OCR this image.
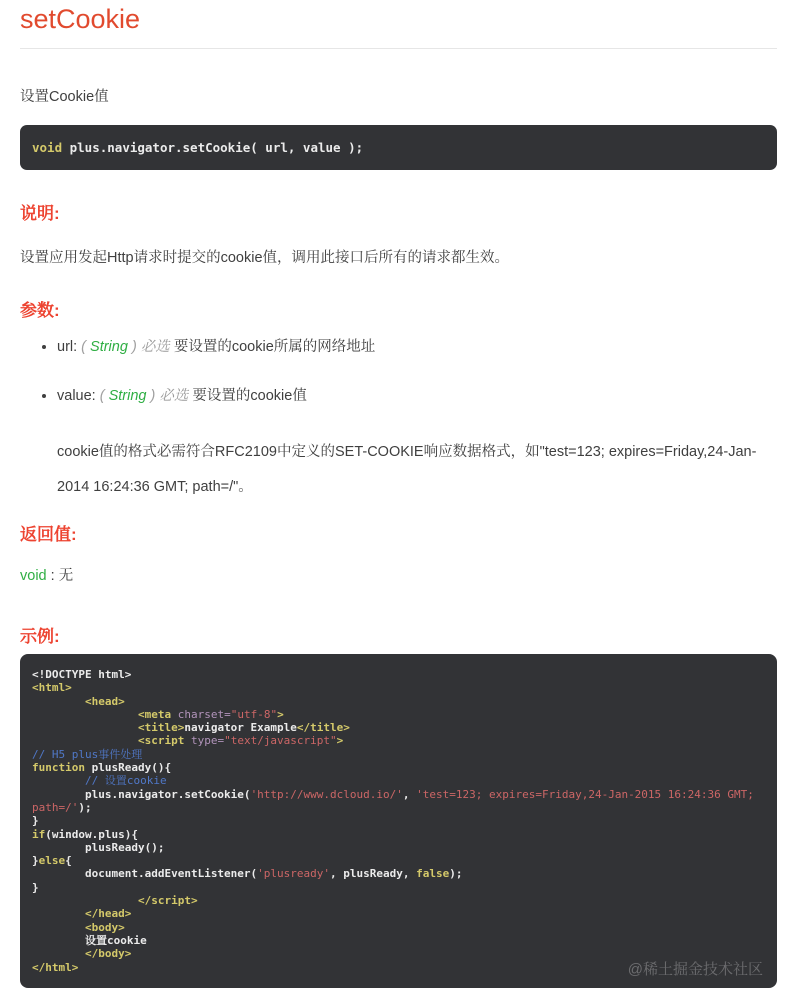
setCookie

设置Cookie值

void plus.navigator.setCookie( url, value );
说明:

设置应用发起Http请求时提交的cookie值，调用此接口后所有的请求都生效。

参数:
• url: ( String ) 必选 要设置的cookie所属的网络地址
• value: ( String ) 必选 要设置的cookie值
cookie值的格式必需符合RFC2109中定义的SET-COOKIE响应数据格式，如"test=123; expires=Friday,24-Jan-2014 16:24:36 GMT; path=/"。
返回值:

void : 无

示例:
<!DOCTYPE html>
<html>
<head>
<meta charset="utf-8">
<title>navigator Example</title>
<script type="text/javascript">
// H5 plus事件处理
function plusReady(){
// 设置cookie
plus.navigator.setCookie('http://www.dcloud.io/', 'test=123; expires=Friday,24-Jan-2015 16:24:36 GMT; path=/');
}
if(window.plus){
plusReady();
}else{
document.addEventListener('plusready', plusReady, false);
}
</script>
</head>
<body>
设置cookie
</body>
</html>	@稀土掘金技术社区
